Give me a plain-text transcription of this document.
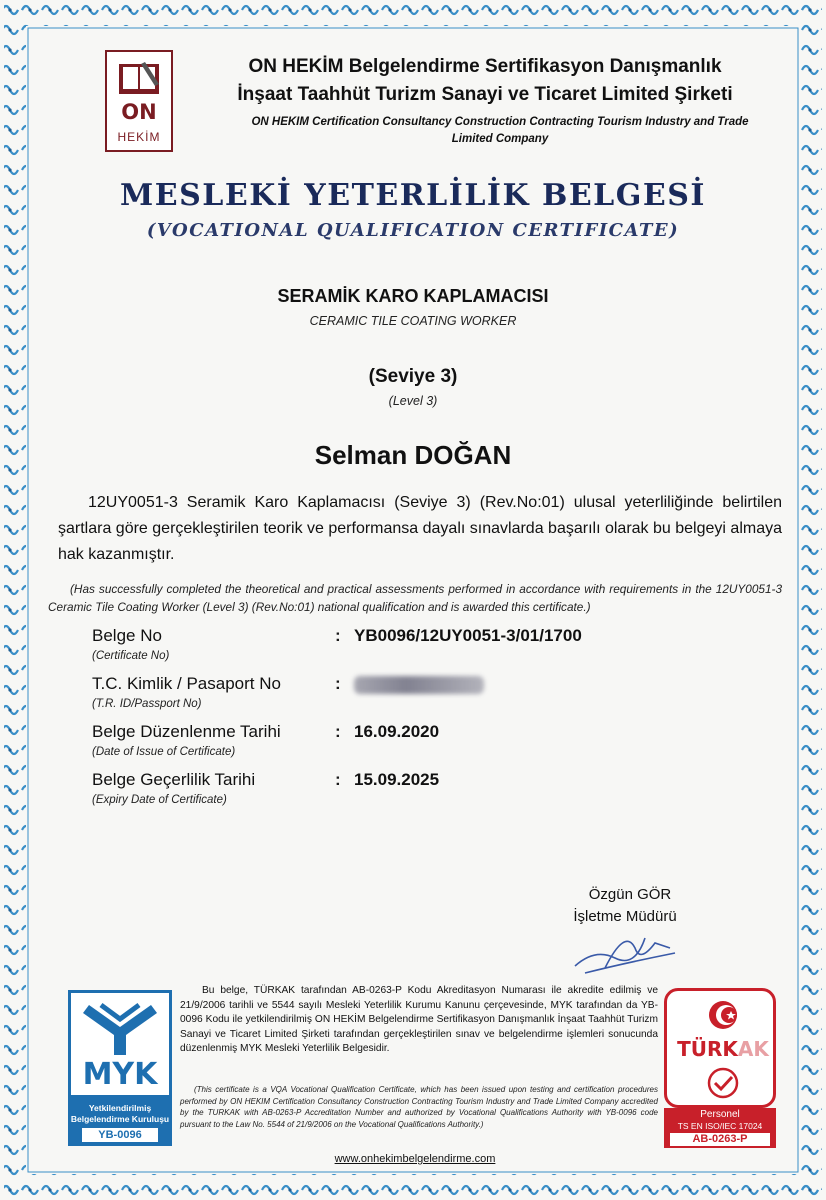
ON
HEKİM
ON HEKİM Belgelendirme Sertifikasyon Danışmanlık
İnşaat Taahhüt Turizm Sanayi ve Ticaret Limited Şirketi
ON HEKIM Certification Consultancy Construction Contracting Tourism Industry and Trade Limited Company
MESLEKİ YETERLİLİK BELGESİ
(VOCATIONAL QUALIFICATION CERTIFICATE)
SERAMİK KARO KAPLAMACISI
CERAMIC TILE COATING WORKER
(Seviye 3)
(Level 3)
Selman DOĞAN
12UY0051-3 Seramik Karo Kaplamacısı (Seviye 3) (Rev.No:01) ulusal yeterliliğinde belirtilen şartlara göre gerçekleştirilen teorik ve performansa dayalı sınavlarda başarılı olarak bu belgeyi almaya hak kazanmıştır.
(Has successfully completed the theoretical and practical assessments performed in accordance with requirements in the 12UY0051-3 Ceramic Tile Coating Worker (Level 3) (Rev.No:01) national qualification and is awarded this certificate.)
Belge No
(Certificate No)
: YB0096/12UY0051-3/01/1700
T.C. Kimlik / Pasaport No
(T.R. ID/Passport No)
:
Belge Düzenlenme Tarihi
(Date of Issue of Certificate)
: 16.09.2020
Belge Geçerlilik Tarihi
(Expiry Date of Certificate)
: 15.09.2025
Özgün GÖR
İşletme Müdürü
MYK
Yetkilendirilmiş
Belgelendirme Kuruluşu
YB-0096
Bu belge, TÜRKAK tarafından AB-0263-P Kodu Akreditasyon Numarası ile akredite edilmiş ve 21/9/2006 tarihli ve 5544 sayılı Mesleki Yeterlilik Kurumu Kanunu çerçevesinde, MYK tarafından da YB-0096 Kodu ile yetkilendirilmiş ON HEKİM Belgelendirme Sertifikasyon Danışmanlık İnşaat Taahhüt Turizm Sanayi ve Ticaret Limited Şirketi tarafından gerçekleştirilen sınav ve belgelendirme işlemleri sonucunda düzenlenmiş MYK Mesleki Yeterlilik Belgesidir.
(This certificate is a VQA Vocational Qualification Certificate, which has been issued upon testing and certification procedures performed by ON HEKIM Certification Consultancy Construction Contracting Tourism Industry and Trade Limited Company accredited by the TURKAK with AB-0263-P Accreditation Number and authorized by Vocational Qualifications Authority with YB-0096 code pursuant to the Law No. 5544 of 21/9/2006 on the Vocational Qualifications Authority.)
www.onhekimbelgelendirme.com
TÜRKAK
Personel
TS EN ISO/IEC 17024
AB-0263-P
